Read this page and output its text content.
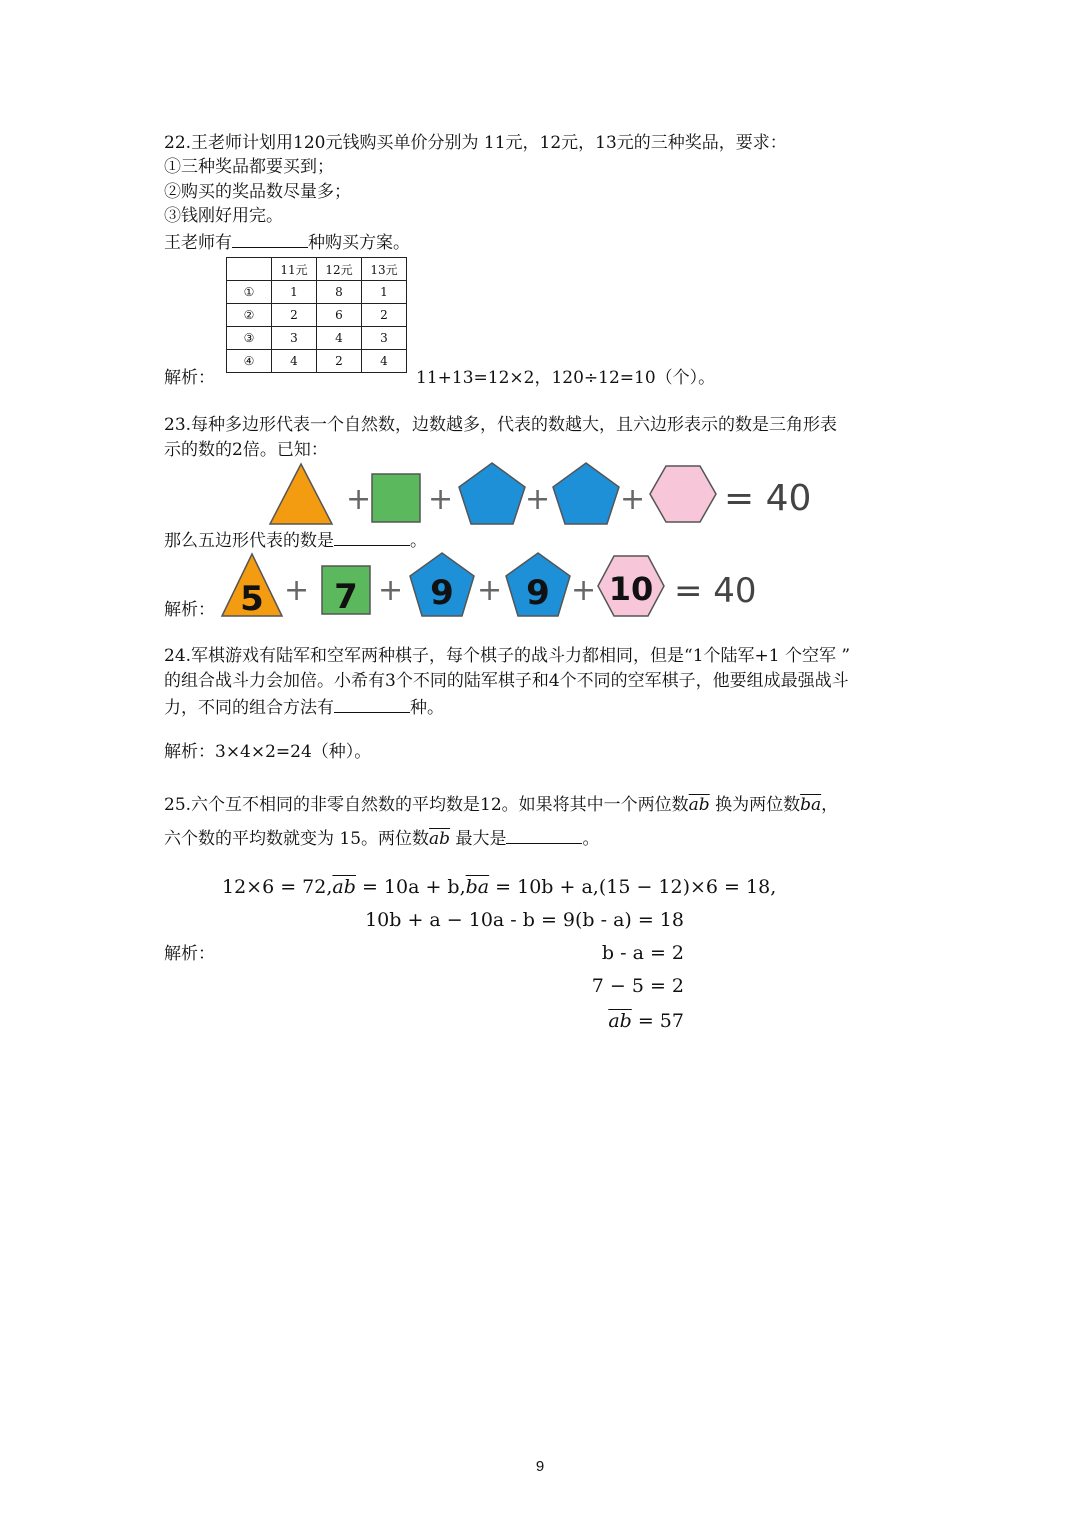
22.王老师计划用120元钱购买单价分别为 11元，12元，13元的三种奖品，要求：
①三种奖品都要买到；
②购买的奖品数尽量多；
③钱刚好用完。
王老师有	种购买方案。
解析：
	11元	12元	13元
①	1	8	1
②	2	6	2
③	3	4	3
④	4	2	4
11+13=12×2，120÷12=10（个）。
23.每种多边形代表一个自然数，边数越多，代表的数越大，且六边形表示的数是三角形表
示的数的2倍。已知：
+ + + + = 40
那么五边形代表的数是	。
解析： 5 + 7 + 9 + 9 + 10 = 40
24.军棋游戏有陆军和空军两种棋子，每个棋子的战斗力都相同，但是“1个陆军+1 个空军 ”
的组合战斗力会加倍。小希有3个不同的陆军棋子和4个不同的空军棋子，他要组成最强战斗
力，不同的组合方法有	种。
解析：3×4×2=24（种）。
25.六个互不相同的非零自然数的平均数是12。如果将其中一个两位数$\overline{ab}$ 换为两位数$\overline{ba}$，
六个数的平均数就变为 15。两位数$\overline{ab}$ 最大是	。
$12\times 6 = 72,\overline{ab} = 10a + b,\overline{ba} = 10b + a,(15 - 12)\times 6 = 18$,
10b + a − 10a - b = 9(b - a) = 18
解析：	b - a = 2
7 − 5 = 2
$\overline{ab} = 57$
9
